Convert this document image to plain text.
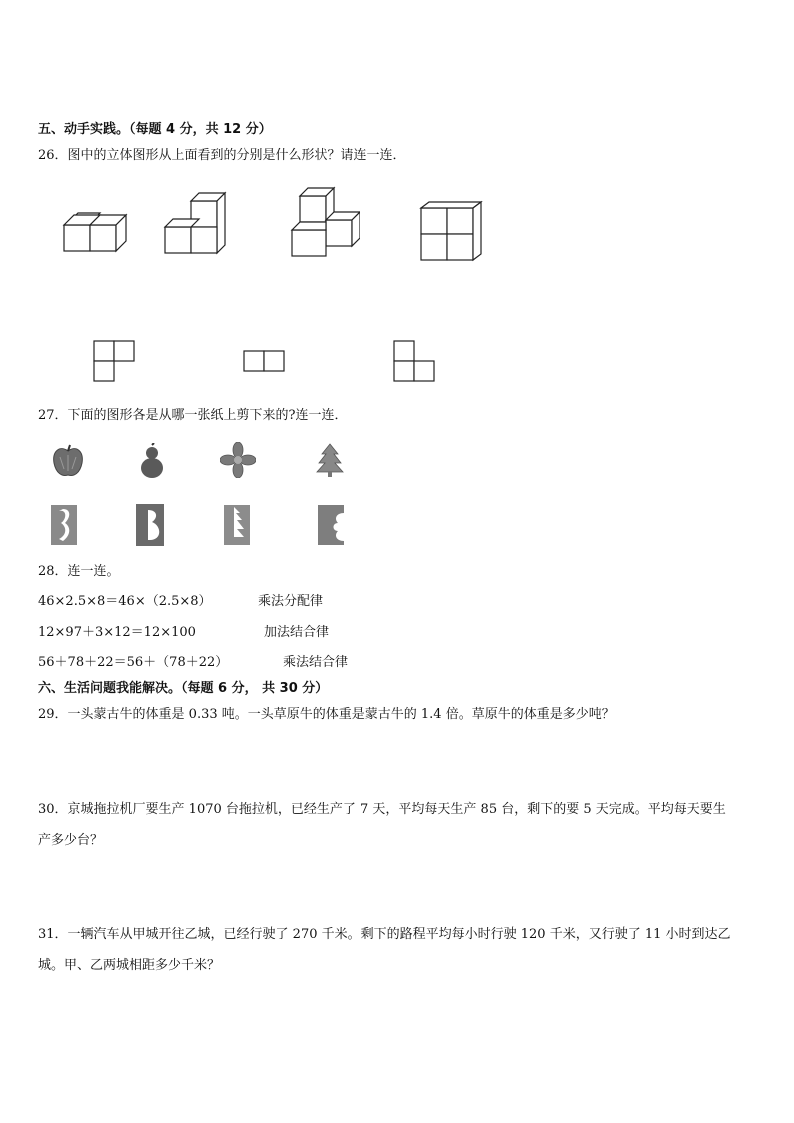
五、动手实践。（每题 4 分，共 12 分）
26．图中的立体图形从上面看到的分别是什么形状？请连一连．
27．下面的图形各是从哪一张纸上剪下来的?连一连．
28．连一连。
46×2.5×8＝46×（2.5×8）	乘法分配律
12×97＋3×12＝12×100	加法结合律
56＋78＋22＝56＋（78＋22）	乘法结合律
六、生活问题我能解决。（每题 6 分， 共 30 分）
29．一头蒙古牛的体重是 0.33 吨。一头草原牛的体重是蒙古牛的 1.4 倍。草原牛的体重是多少吨？
30．京城拖拉机厂要生产 1070 台拖拉机，已经生产了 7 天，平均每天生产 85 台，剩下的要 5 天完成。平均每天要生
产多少台？
31．一辆汽车从甲城开往乙城，已经行驶了 270 千米。剩下的路程平均每小时行驶 120 千米，又行驶了 11 小时到达乙
城。甲、乙两城相距多少千米？
